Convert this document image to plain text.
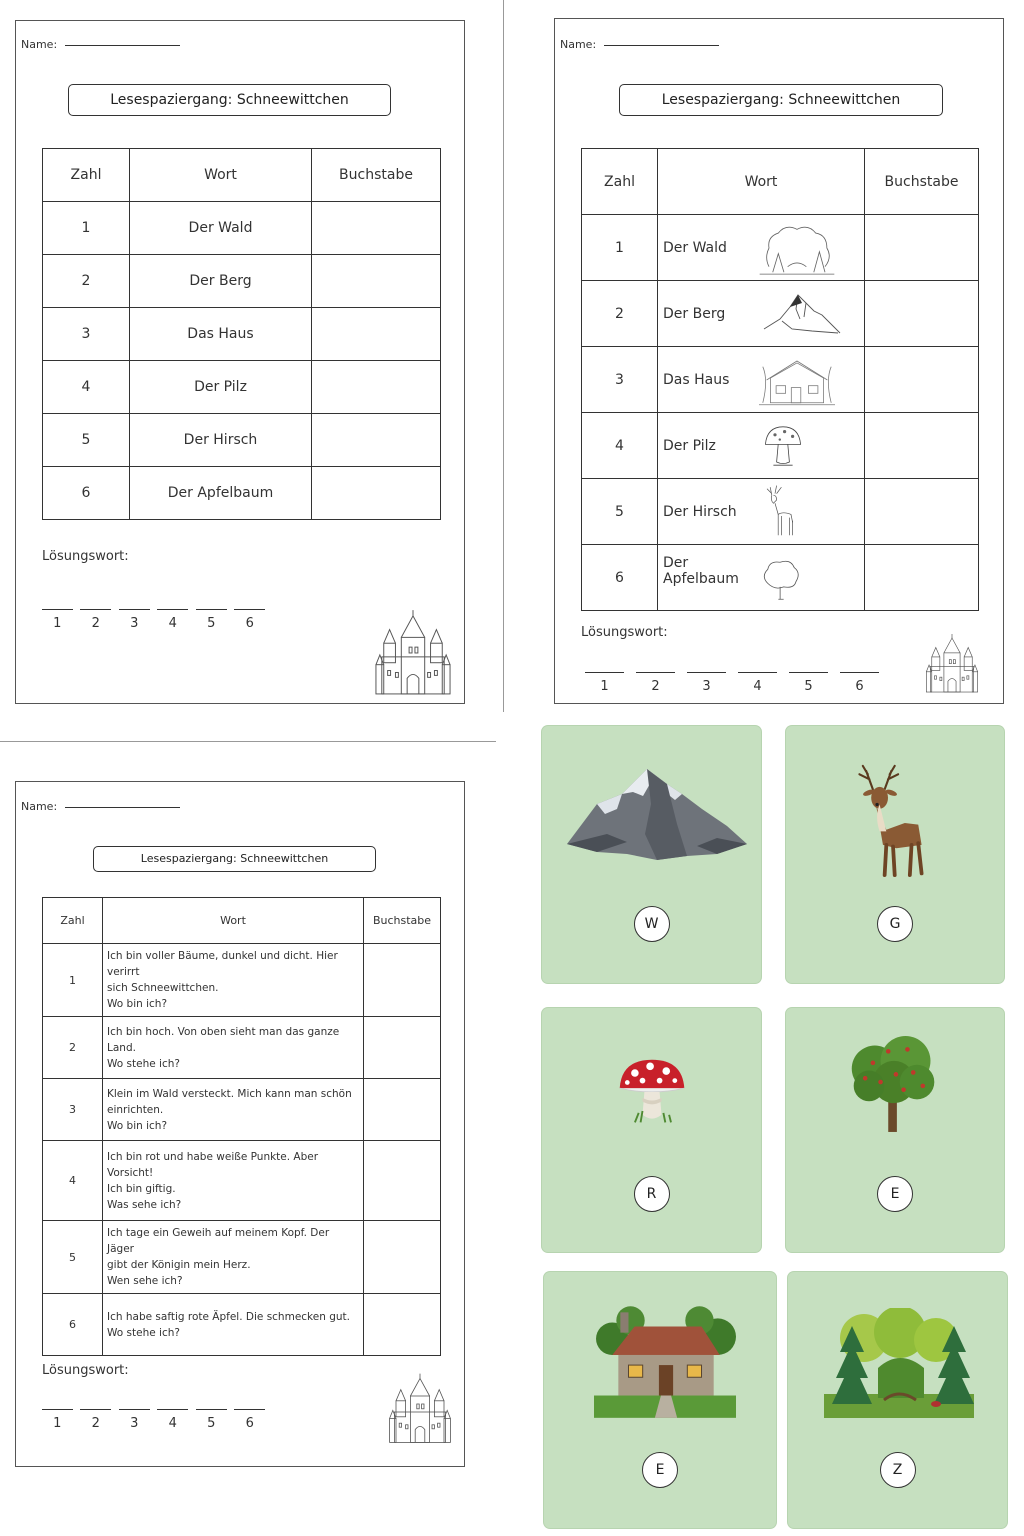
Name:
Lesespaziergang: Schneewittchen
Zahl	Wort	Buchstabe
1	Der Wald	
2	Der Berg	
3	Das Haus	
4	Der Pilz	
5	Der Hirsch	
6	Der Apfelbaum	
Lösungswort:
1	2	3	4	5	6
Name:
Lesespaziergang: Schneewittchen
Zahl	Wort	Buchstabe
1	Der Wald	
2	Der Berg	
3	Das Haus	
4	Der Pilz	
5	Der Hirsch	
6	Der Apfelbaum	
Lösungswort:
1	2	3	4	5	6
Name:
Lesespaziergang: Schneewittchen
Zahl	Wort	Buchstabe
1	Ich bin voller Bäume, dunkel und dicht. Hier verirrt
sich Schneewittchen.
Wo bin ich?	

2	Ich bin hoch. Von oben sieht man das ganze
Land.
Wo stehe ich?	

3	Klein im Wald versteckt. Mich kann man schön
einrichten.
Wo bin ich?	

4	Ich bin rot und habe weiße Punkte. Aber Vorsicht!
Ich bin giftig.
Was sehe ich?	

5	Ich tage ein Geweih auf meinem Kopf. Der Jäger
gibt der Königin mein Herz.
Wen sehe ich?	

6	Ich habe saftig rote Äpfel. Die schmecken gut.
Wo stehe ich?	

Lösungswort:
1	2	3	4	5	6
W	G
R	E
E	Z
